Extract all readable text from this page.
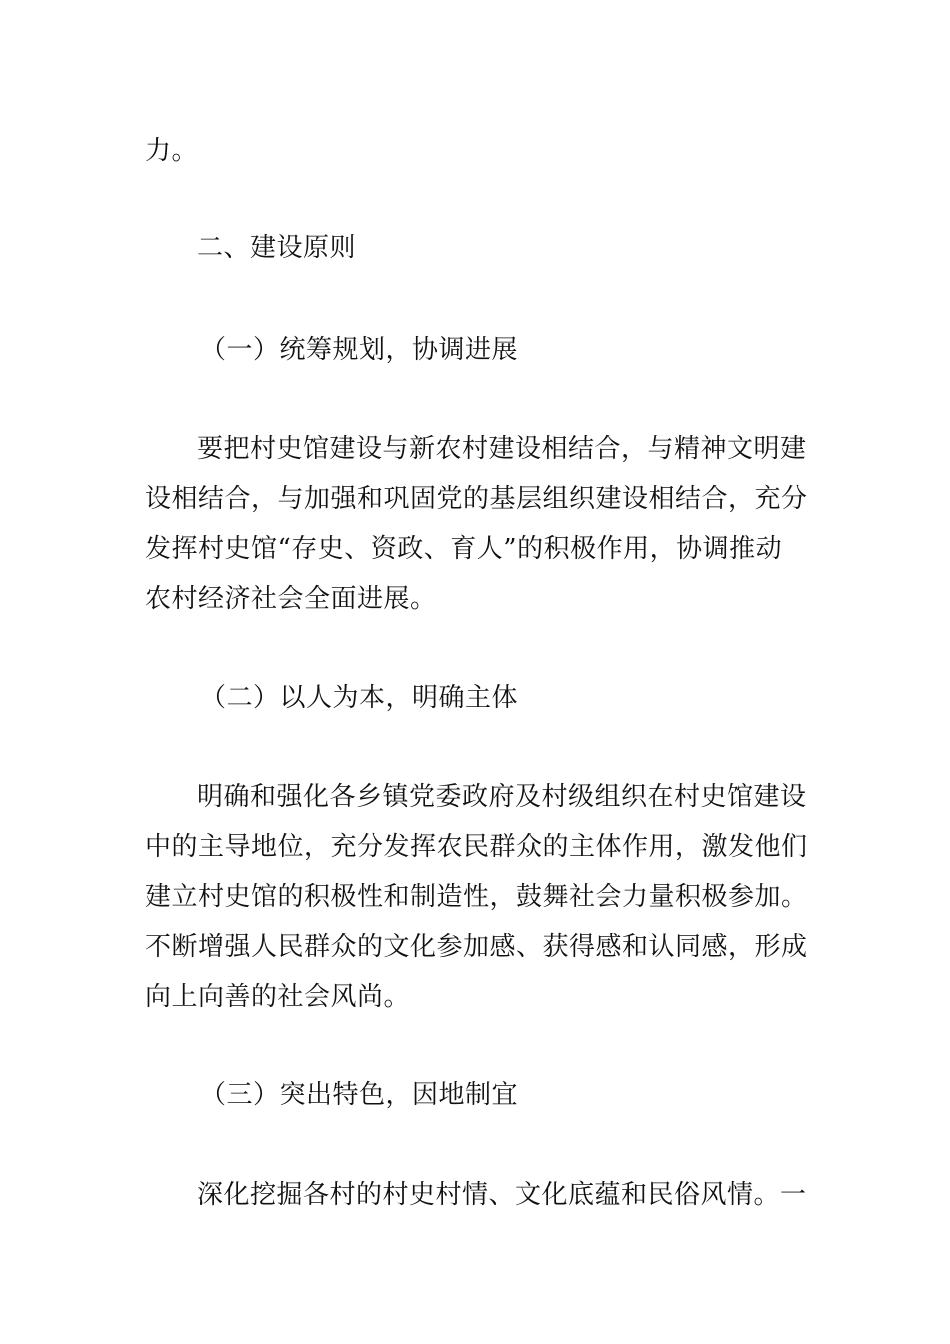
力。
二、建设原则
（一）统筹规划，协调进展
要把村史馆建设与新农村建设相结合，与精神文明建
设相结合，与加强和巩固党的基层组织建设相结合，充分
发挥村史馆“存史、资政、育人”的积极作用，协调推动
农村经济社会全面进展。
（二）以人为本，明确主体
明确和强化各乡镇党委政府及村级组织在村史馆建设
中的主导地位，充分发挥农民群众的主体作用，激发他们
建立村史馆的积极性和制造性，鼓舞社会力量积极参加。
不断增强人民群众的文化参加感、获得感和认同感，形成
向上向善的社会风尚。
（三）突出特色，因地制宜
深化挖掘各村的村史村情、文化底蕴和民俗风情。一
